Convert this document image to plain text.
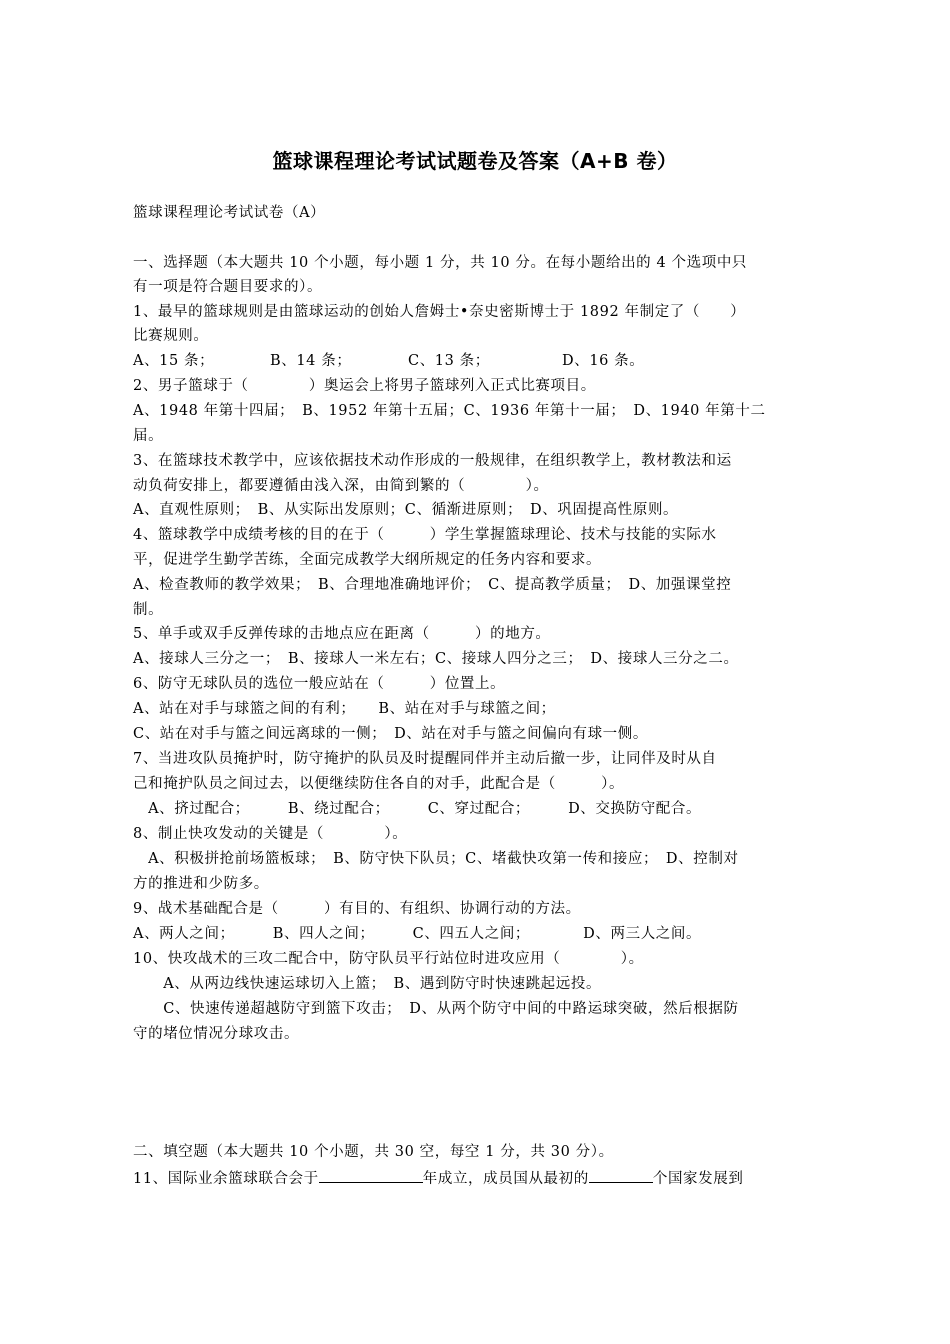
篮球课程理论考试试题卷及答案（A+B 卷）
篮球课程理论考试试卷（A）
一、选择题（本大题共 10 个小题，每小题 1 分，共 10 分。在每小题给出的 4 个选项中只
有一项是符合题目要求的）。
1、最早的篮球规则是由篮球运动的创始人詹姆士•奈史密斯博士于 1892 年制定了（　　）
比赛规则。
A、15 条；	B、14 条；	C、13 条；	D、16 条。
2、男子篮球于（　　　　）奥运会上将男子篮球列入正式比赛项目。
A、1948 年第十四届；　B、1952 年第十五届；C、1936 年第十一届；　D、1940 年第十二
届。
3、在篮球技术教学中，应该依据技术动作形成的一般规律，在组织教学上，教材教法和运
动负荷安排上，都要遵循由浅入深，由简到繁的（　　　　）。
A、直观性原则；　B、从实际出发原则；C、循渐进原则；　D、巩固提高性原则。
4、篮球教学中成绩考核的目的在于（　　　）学生掌握篮球理论、技术与技能的实际水
平，促进学生勤学苦练，全面完成教学大纲所规定的任务内容和要求。
A、检查教师的教学效果；　B、合理地准确地评价；　C、提高教学质量；　D、加强课堂控
制。
5、单手或双手反弹传球的击地点应在距离（　　　）的地方。
A、接球人三分之一；　B、接球人一米左右；C、接球人四分之三；　D、接球人三分之二。
6、防守无球队员的选位一般应站在（　　　）位置上。
A、站在对手与球篮之间的有利；　　B、站在对手与球篮之间；
C、站在对手与篮之间远离球的一侧；　D、站在对手与篮之间偏向有球一侧。
7、当进攻队员掩护时，防守掩护的队员及时提醒同伴并主动后撤一步，让同伴及时从自
己和掩护队员之间过去，以便继续防住各自的对手，此配合是（　　　）。
　A、挤过配合；　　　B、绕过配合；　　　C、穿过配合；　　　D、交换防守配合。
8、制止快攻发动的关键是（　　　　）。
　A、积极拼抢前场篮板球；　B、防守快下队员；C、堵截快攻第一传和接应；　D、控制对
方的推进和少防多。
9、战术基础配合是（　　　）有目的、有组织、协调行动的方法。
A、两人之间；　　　B、四人之间；　　　C、四五人之间；　　　　D、两三人之间。
10、快攻战术的三攻二配合中，防守队员平行站位时进攻应用（　　　　）。
　　A、从两边线快速运球切入上篮；　B、遇到防守时快速跳起远投。
　　C、快速传递超越防守到篮下攻击；　D、从两个防守中间的中路运球突破，然后根据防
守的堵位情况分球攻击。
二、填空题（本大题共 10 个小题，共 30 空，每空 1 分，共 30 分）。
11、国际业余篮球联合会于	年成立，成员国从最初的	个国家发展到
